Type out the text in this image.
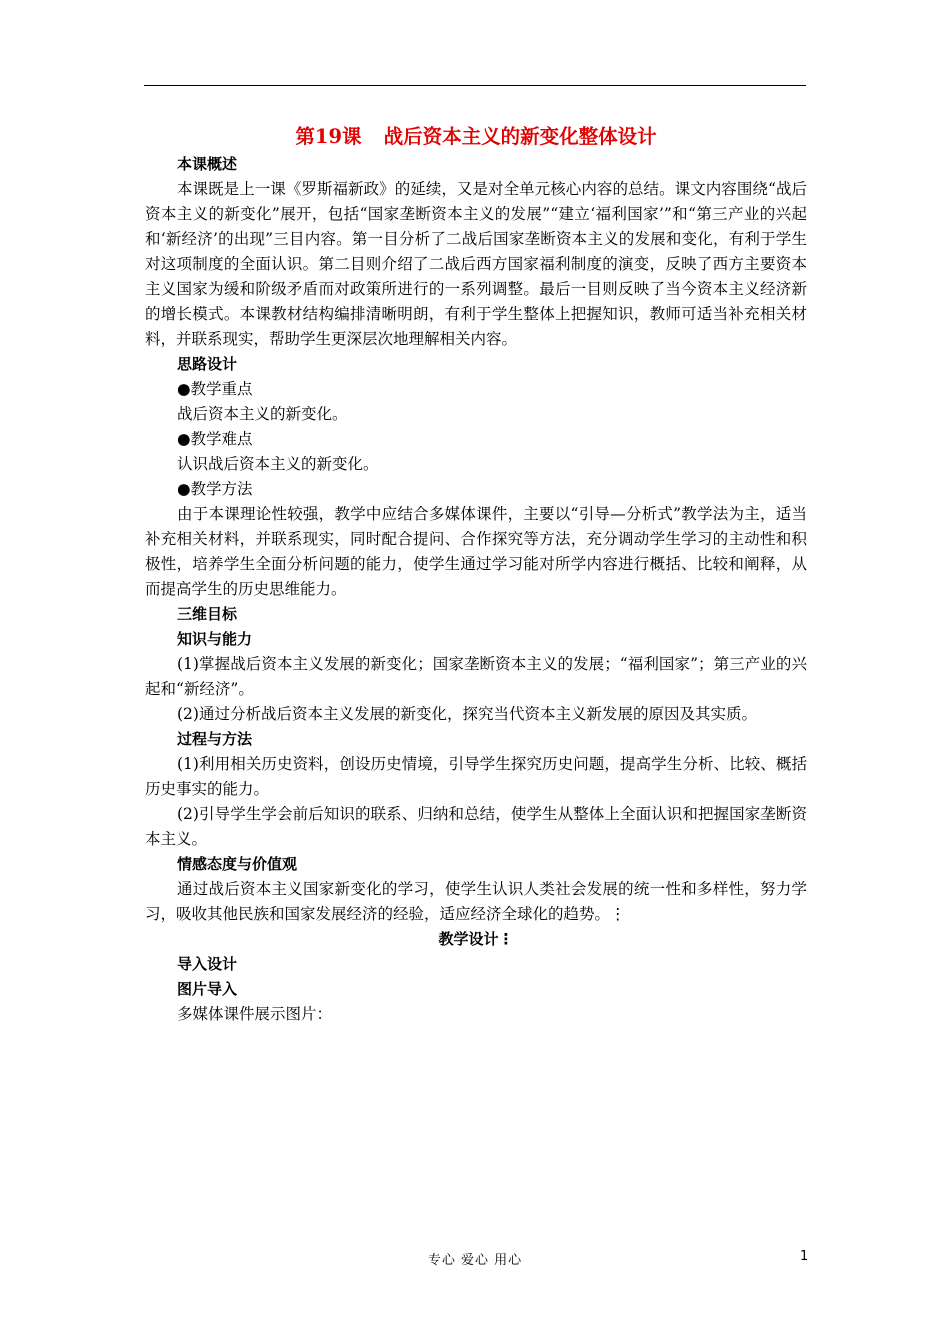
第19课 战后资本主义的新变化整体设计
本课概述
本课既是上一课《罗斯福新政》的延续，又是对全单元核心内容的总结。课文内容围绕“战后资本主义的新变化”展开，包括“国家垄断资本主义的发展”“建立‘福利国家’”和“第三产业的兴起和‘新经济’的出现”三目内容。第一目分析了二战后国家垄断资本主义的发展和变化，有利于学生对这项制度的全面认识。第二目则介绍了二战后西方国家福利制度的演变，反映了西方主要资本主义国家为缓和阶级矛盾而对政策所进行的一系列调整。最后一目则反映了当今资本主义经济新的增长模式。本课教材结构编排清晰明朗，有利于学生整体上把握知识，教师可适当补充相关材料，并联系现实，帮助学生更深层次地理解相关内容。
思路设计
●教学重点
战后资本主义的新变化。
●教学难点
认识战后资本主义的新变化。
●教学方法
由于本课理论性较强，教学中应结合多媒体课件，主要以“引导—分析式”教学法为主，适当补充相关材料，并联系现实，同时配合提问、合作探究等方法，充分调动学生学习的主动性和积极性，培养学生全面分析问题的能力，使学生通过学习能对所学内容进行概括、比较和阐释，从而提高学生的历史思维能力。
三维目标
知识与能力
(1)掌握战后资本主义发展的新变化；国家垄断资本主义的发展；“福利国家”；第三产业的兴起和“新经济”。
(2)通过分析战后资本主义发展的新变化，探究当代资本主义新发展的原因及其实质。
过程与方法
(1)利用相关历史资料，创设历史情境，引导学生探究历史问题，提高学生分析、比较、概括历史事实的能力。
(2)引导学生学会前后知识的联系、归纳和总结，使学生从整体上全面认识和把握国家垄断资本主义。
情感态度与价值观
通过战后资本主义国家新变化的学习，使学生认识人类社会发展的统一性和多样性，努力学习，吸收其他民族和国家发展经济的经验，适应经济全球化的趋势。⋮
教学设计⋮
导入设计
图片导入
多媒体课件展示图片：
专心 爱心 用心	1
